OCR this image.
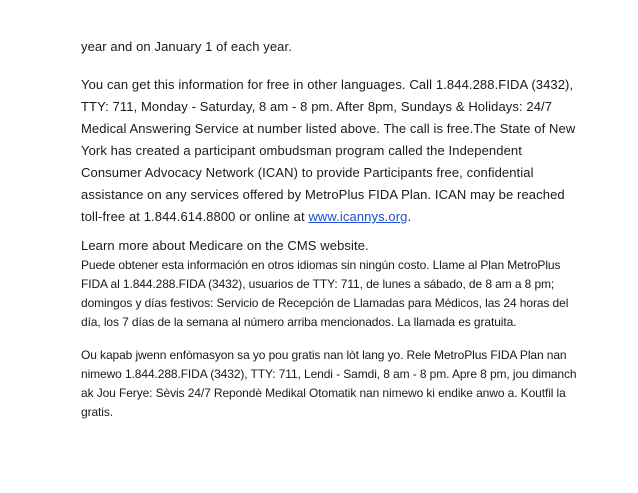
year and on January 1 of each year.

You can get this information for free in other languages. Call 1.844.288.FIDA (3432), TTY: 711, Monday - Saturday, 8 am - 8 pm. After 8pm, Sundays & Holidays: 24/7 Medical Answering Service at number listed above. The call is free.The State of New York has created a participant ombudsman program called the Independent Consumer Advocacy Network (ICAN) to provide Participants free, confidential assistance on any services offered by MetroPlus FIDA Plan. ICAN may be reached toll-free at 1.844.614.8800 or online at www.icannys.org.

Learn more about Medicare on the CMS website.

Puede obtener esta información en otros idiomas sin ningún costo. Llame al Plan MetroPlus FIDA al 1.844.288.FIDA (3432), usuarios de TTY: 711, de lunes a sábado, de 8 am a 8 pm; domingos y días festivos: Servicio de Recepción de Llamadas para Médicos, las 24 horas del día, los 7 días de la semana al número arriba mencionados. La llamada es gratuita.

Ou kapab jwenn enfòmasyon sa yo pou gratis nan lòt lang yo. Rele MetroPlus FIDA Plan nan nimewo 1.844.288.FIDA (3432), TTY: 711, Lendi - Samdi, 8 am - 8 pm. Apre 8 pm, jou dimanch ak Jou Ferye: Sèvis 24/7 Repondè Medikal Otomatik nan nimewo ki endike anwo a. Koutfil la gratis.
